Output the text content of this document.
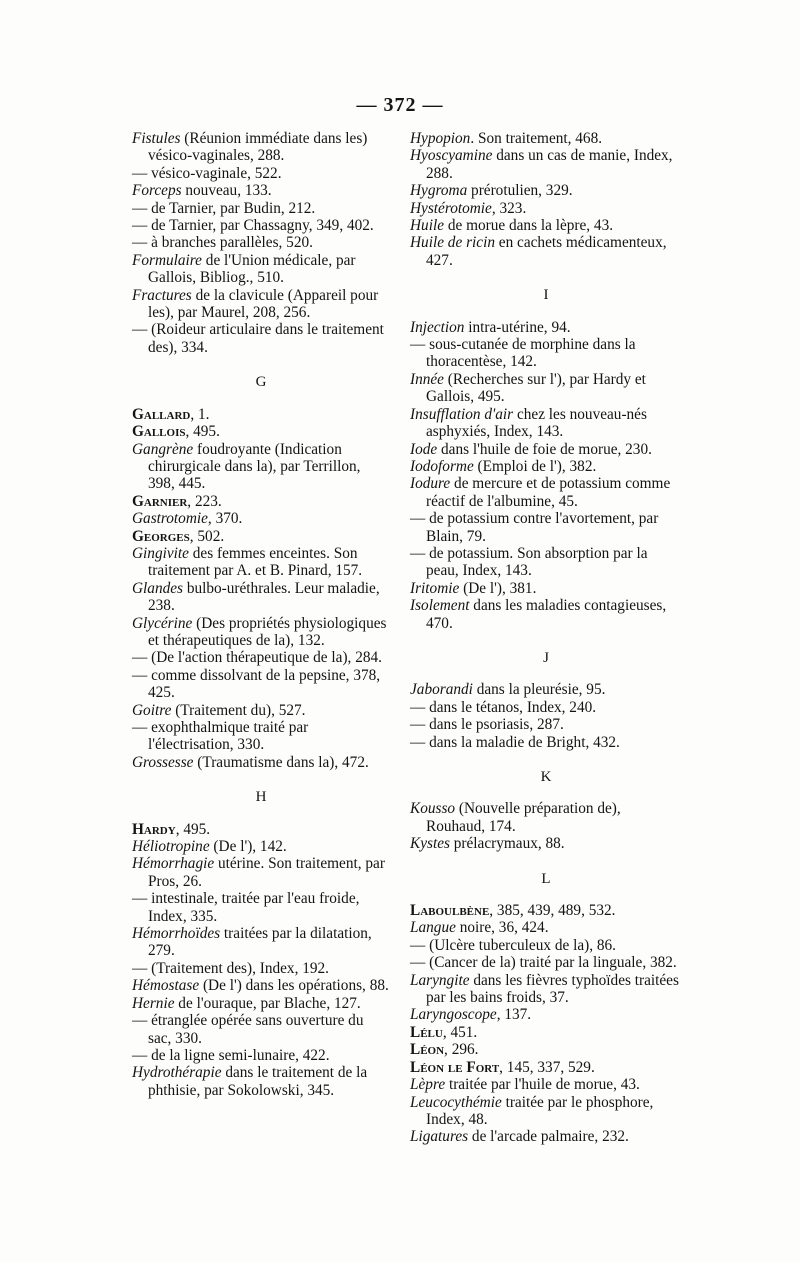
— 372 —

Fistules (Réunion immédiate dans les) vésico-vaginales, 288.

— vésico-vaginale, 522.

Forceps nouveau, 133.

— de Tarnier, par Budin, 212.

— de Tarnier, par Chassagny, 349, 402.

— à branches parallèles, 520.

Formulaire de l'Union médicale, par Gallois, Bibliog., 510.

Fractures de la clavicule (Appareil pour les), par Maurel, 208, 256.

— (Roideur articulaire dans le traitement des), 334.

G

Gallard, 1.

Gallois, 495.

Gangrène foudroyante (Indication chirurgicale dans la), par Terrillon, 398, 445.

Garnier, 223.

Gastrotomie, 370.

Georges, 502.

Gingivite des femmes enceintes. Son traitement par A. et B. Pinard, 157.

Glandes bulbo-uréthrales. Leur maladie, 238.

Glycérine (Des propriétés physiologiques et thérapeutiques de la), 132.

— (De l'action thérapeutique de la), 284.

— comme dissolvant de la pepsine, 378, 425.

Goitre (Traitement du), 527.

— exophthalmique traité par l'électrisation, 330.

Grossesse (Traumatisme dans la), 472.

H

Hardy, 495.

Héliotropine (De l'), 142.

Hémorrhagie utérine. Son traitement, par Pros, 26.

— intestinale, traitée par l'eau froide, Index, 335.

Hémorrhoïdes traitées par la dilatation, 279.

— (Traitement des), Index, 192.

Hémostase (De l') dans les opérations, 88.

Hernie de l'ouraque, par Blache, 127.

— étranglée opérée sans ouverture du sac, 330.

— de la ligne semi-lunaire, 422.

Hydrothérapie dans le traitement de la phthisie, par Sokolowski, 345.

Hypopion. Son traitement, 468.

Hyoscyamine dans un cas de manie, Index, 288.

Hygroma prérotulien, 329.

Hystérotomie, 323.

Huile de morue dans la lèpre, 43.

Huile de ricin en cachets médicamenteux, 427.

I

Injection intra-utérine, 94.

— sous-cutanée de morphine dans la thoracentèse, 142.

Innée (Recherches sur l'), par Hardy et Gallois, 495.

Insufflation d'air chez les nouveau-nés asphyxiés, Index, 143.

Iode dans l'huile de foie de morue, 230.

Iodoforme (Emploi de l'), 382.

Iodure de mercure et de potassium comme réactif de l'albumine, 45.

— de potassium contre l'avortement, par Blain, 79.

— de potassium. Son absorption par la peau, Index, 143.

Iritomie (De l'), 381.

Isolement dans les maladies contagieuses, 470.

J

Jaborandi dans la pleurésie, 95.

— dans le tétanos, Index, 240.

— dans le psoriasis, 287.

— dans la maladie de Bright, 432.

K

Kousso (Nouvelle préparation de), Rouhaud, 174.

Kystes prélacrymaux, 88.

L

Laboulbène, 385, 439, 489, 532.

Langue noire, 36, 424.

— (Ulcère tuberculeux de la), 86.

— (Cancer de la) traité par la linguale, 382.

Laryngite dans les fièvres typhoïdes traitées par les bains froids, 37.

Laryngoscope, 137.

Lélu, 451.

Léon, 296.

Léon le Fort, 145, 337, 529.

Lèpre traitée par l'huile de morue, 43.

Leucocythémie traitée par le phosphore, Index, 48.

Ligatures de l'arcade palmaire, 232.
